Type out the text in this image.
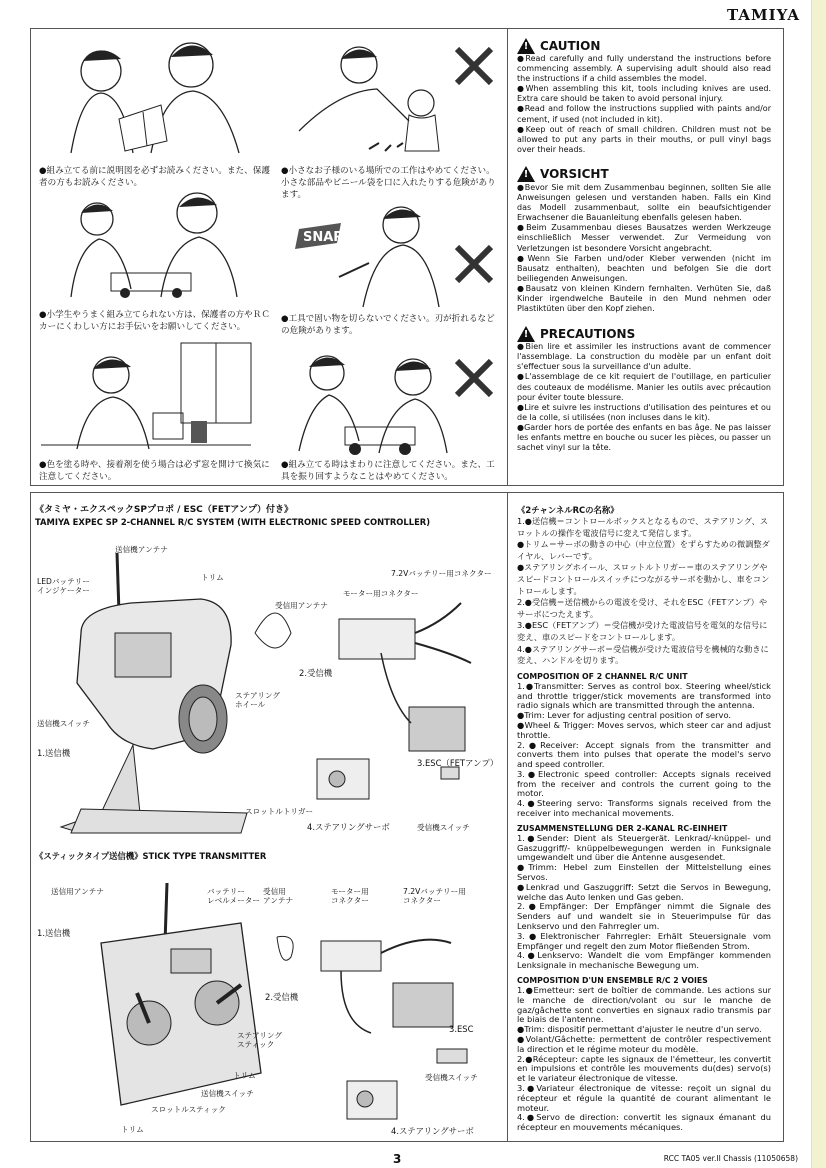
TAMIYA
●組み立てる前に説明図を必ずお読みください。また、保護者の方もお読みください。
●小さなお子様のいる場所での工作はやめてください。小さな部品やビニール袋を口に入れたりする危険があります。
●小学生やうまく組み立てられない方は、保護者の方やＲＣカーにくわしい方にお手伝いをお願いしてください。
SNAP!
●工具で固い物を切らないでください。刃が折れるなどの危険があります。
●色を塗る時や、接着剤を使う場合は必ず窓を開けて換気に注意してください。
●組み立てる時はまわりに注意してください。また、工具を振り回すようなことはやめてください。
! CAUTION

●Read carefully and fully understand the instructions before commencing assembly. A supervising adult should also read the instructions if a child assembles the model.

●When assembling this kit, tools including knives are used. Extra care should be taken to avoid personal injury.

●Read and follow the instructions supplied with paints and/or cement, if used (not included in kit).

●Keep out of reach of small children. Children must not be allowed to put any parts in their mouths, or pull vinyl bags over their heads.

! VORSICHT

●Bevor Sie mit dem Zusammenbau beginnen, sollten Sie alle Anweisungen gelesen und verstanden haben. Falls ein Kind das Modell zusammenbaut, sollte ein beaufsichtigender Erwachsener die Bauanleitung ebenfalls gelesen haben.

●Beim Zusammenbau dieses Bausatzes werden Werkzeuge einschließlich Messer verwendet. Zur Vermeidung von Verletzungen ist besondere Vorsicht angebracht.

●Wenn Sie Farben und/oder Kleber verwenden (nicht im Bausatz enthalten), beachten und befolgen Sie die dort beiliegenden Anweisungen.

●Bausatz von kleinen Kindern fernhalten. Verhüten Sie, daß Kinder irgendwelche Bauteile in den Mund nehmen oder Plastiktüten über den Kopf ziehen.

! PRECAUTIONS

●Bien lire et assimiler les instructions avant de commencer l'assemblage. La construction du modèle par un enfant doit s'effectuer sous la surveillance d'un adulte.

●L'assemblage de ce kit requiert de l'outillage, en particulier des couteaux de modélisme. Manier les outils avec précaution pour éviter toute blessure.

●Lire et suivre les instructions d'utilisation des peintures et ou de la colle, si utilisées (non incluses dans le kit).

●Garder hors de portée des enfants en bas âge. Ne pas laisser les enfants mettre en bouche ou sucer les pièces, ou passer un sachet vinyl sur la tête.

《タミヤ・エクスペックSPプロポ / ESC（FETアンプ）付き》
TAMIYA EXPEC SP 2-CHANNEL R/C SYSTEM (WITH ELECTRONIC SPEED CONTROLLER)
送信機アンテナ
LEDバッテリー
インジケーター
トリム
受信用アンテナ
7.2Vバッテリー用コネクター
モーター用コネクター
2.受信機
ステアリング
ホイール
送信機スイッチ
1.送信機
3.ESC（FETアンプ）
スロットルトリガー
4.ステアリングサーボ	受信機スイッチ
《スティックタイプ送信機》STICK TYPE TRANSMITTER
送信用アンテナ	バッテリー
レベルメーター
受信用
アンテナ
モーター用
コネクター
7.2Vバッテリー用
コネクター
1.送信機
2.受信機
3.ESC
ステアリング
スティック
トリム
送信機スイッチ
受信機スイッチ
スロットルスティック
トリム	4.ステアリングサーボ
《2チャンネルRCの名称》

1.●送信機＝コントロールボックスとなるもので、ステアリング、スロットルの操作を電波信号に変えて発信します。

●トリム＝サーボの動きの中心（中立位置）をずらすための微調整ダイヤル、レバーです。

●ステアリングホイール、スロットルトリガー＝車のステアリングやスピードコントロールスイッチにつながるサーボを動かし、車をコントロールします。

2.●受信機＝送信機からの電波を受け、それをESC（FETアンプ）やサーボにつたえます。

3.●ESC（FETアンプ）＝受信機が受けた電波信号を電気的な信号に変え、車のスピードをコントロールします。

4.●ステアリングサーボ＝受信機が受けた電波信号を機械的な動きに変え、ハンドルを切ります。

COMPOSITION OF 2 CHANNEL R/C UNIT

1.●Transmitter: Serves as control box. Steering wheel/stick and throttle trigger/stick movements are transformed into radio signals which are transmitted through the antenna.

●Trim: Lever for adjusting central position of servo.

●Wheel & Trigger: Moves servos, which steer car and adjust throttle.

2.●Receiver: Accept signals from the transmitter and converts them into pulses that operate the model's servo and speed controller.

3.●Electronic speed controller: Accepts signals received from the receiver and controls the current going to the motor.

4.●Steering servo: Transforms signals received from the receiver into mechanical movements.

ZUSAMMENSTELLUNG DER 2-KANAL RC-EINHEIT

1.●Sender: Dient als Steuergerät. Lenkrad/-knüppel- und Gaszuggriff/- knüppelbewegungen werden in Funksignale umgewandelt und über die Antenne ausgesendet.

●Trimm: Hebel zum Einstellen der Mittelstellung eines Servos.

●Lenkrad und Gaszuggriff: Setzt die Servos in Bewegung, welche das Auto lenken und Gas geben.

2.●Empfänger: Der Empfänger nimmt die Signale des Senders auf und wandelt sie in Steuerimpulse für das Lenkservo und den Fahrregler um.

3.●Elektronischer Fahrregler: Erhält Steuersignale vom Empfänger und regelt den zum Motor fließenden Strom.

4.●Lenkservo: Wandelt die vom Empfänger kommenden Lenksignale in mechanische Bewegung um.

COMPOSITION D'UN ENSEMBLE R/C 2 VOIES

1.●Emetteur: sert de boîtier de commande. Les actions sur le manche de direction/volant ou sur le manche de gaz/gâchette sont converties en signaux radio transmis par le biais de l'antenne.

●Trim: dispositif permettant d'ajuster le neutre d'un servo.

●Volant/Gâchette: permettent de contrôler respectivement la direction et le régime moteur du modèle.

2.●Récepteur: capte les signaux de l'émetteur, les convertit en impulsions et contrôle les mouvements du(des) servo(s) et le variateur électronique de vitesse.

3.●Variateur électronique de vitesse: reçoit un signal du récepteur et régule la quantité de courant alimentant le moteur.

4.●Servo de direction: convertit les signaux émanant du récepteur en mouvements mécaniques.

3	RCC TA05 ver.II Chassis (11050658)
